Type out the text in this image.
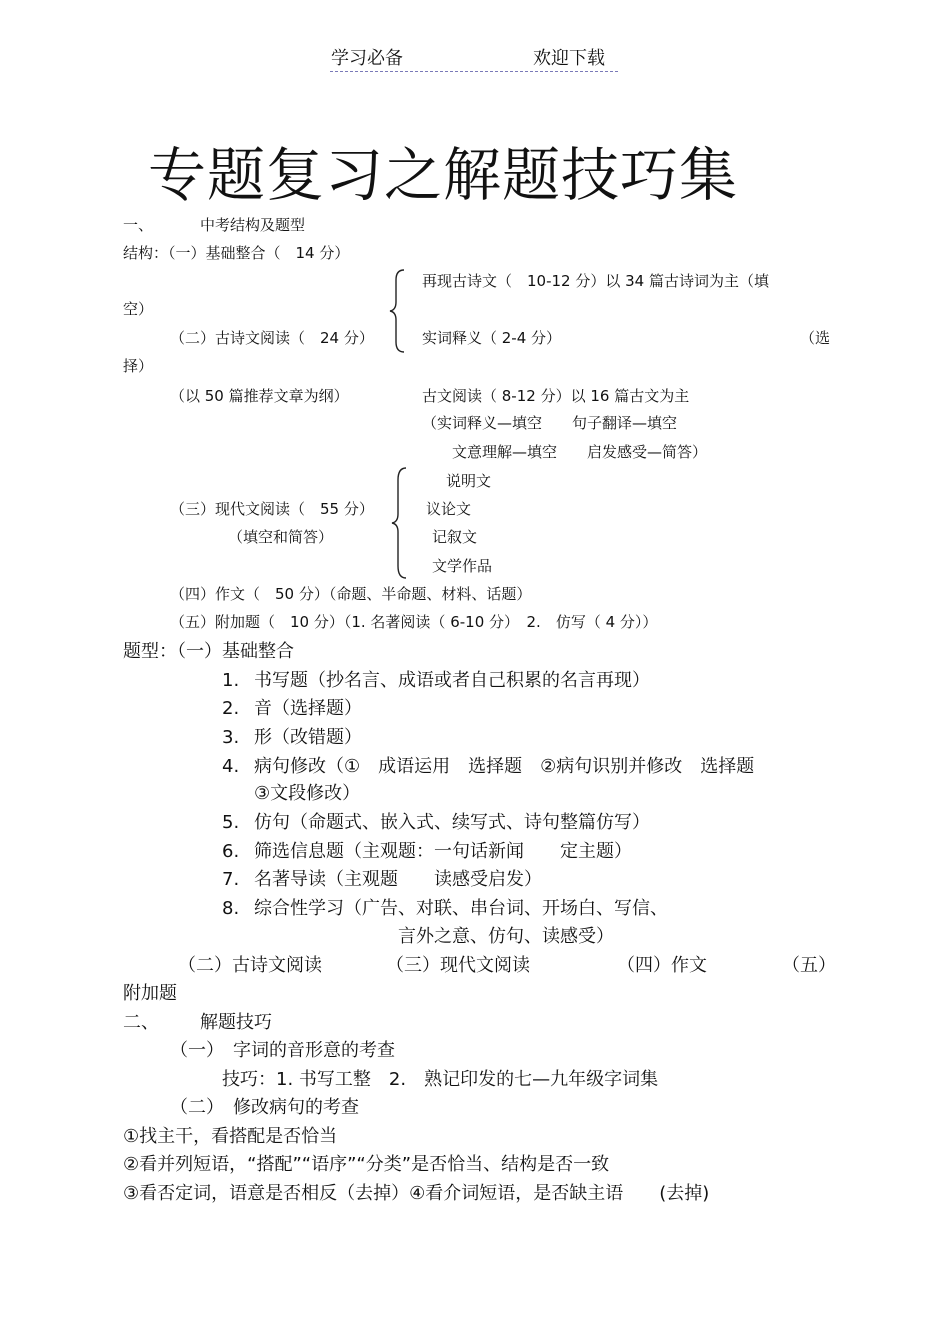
学习必备	欢迎下载
专题复习之解题技巧集
一、	中考结构及题型
结构：（一）基础整合（　14 分）
再现古诗文（　10-12 分）以 34 篇古诗词为主（填
空）
（二）古诗文阅读（　24 分）	实词释义（ 2-4 分）	（选
择）
（以 50 篇推荐文章为纲）	古文阅读（ 8-12 分）以 16 篇古文为主
（实词释义—填空　　句子翻译—填空
文意理解—填空　　启发感受—简答）
说明文
（三）现代文阅读（　55 分）	议论文
（填空和简答）	记叙文
文学作品
（四）作文（　50 分）（命题、半命题、材料、话题）
（五）附加题（　10 分）（1. 名著阅读（ 6-10 分）　2.　仿写（ 4 分））
题型：（一）基础整合
1. 书写题（抄名言、成语或者自己积累的名言再现）
2. 音（选择题）
3. 形（改错题）
4. 病句修改（①　成语运用　选择题　②病句识别并修改　选择题
③文段修改）
5. 仿句（命题式、嵌入式、续写式、诗句整篇仿写）
6. 筛选信息题（主观题：一句话新闻　　定主题）
7. 名著导读（主观题　　读感受启发）
8. 综合性学习（广告、对联、串台词、开场白、写信、
言外之意、仿句、读感受）
（二）古诗文阅读	（三）现代文阅读	（四）作文	（五）
附加题
二、 解题技巧
（一）　字词的音形意的考查
技巧：1. 书写工整　2.　熟记印发的七—九年级字词集
（二）　修改病句的考查
①找主干，看搭配是否恰当
②看并列短语，“搭配”“语序”“分类”是否恰当、结构是否一致
③看否定词，语意是否相反（去掉）④看介词短语，是否缺主语　　(去掉)
